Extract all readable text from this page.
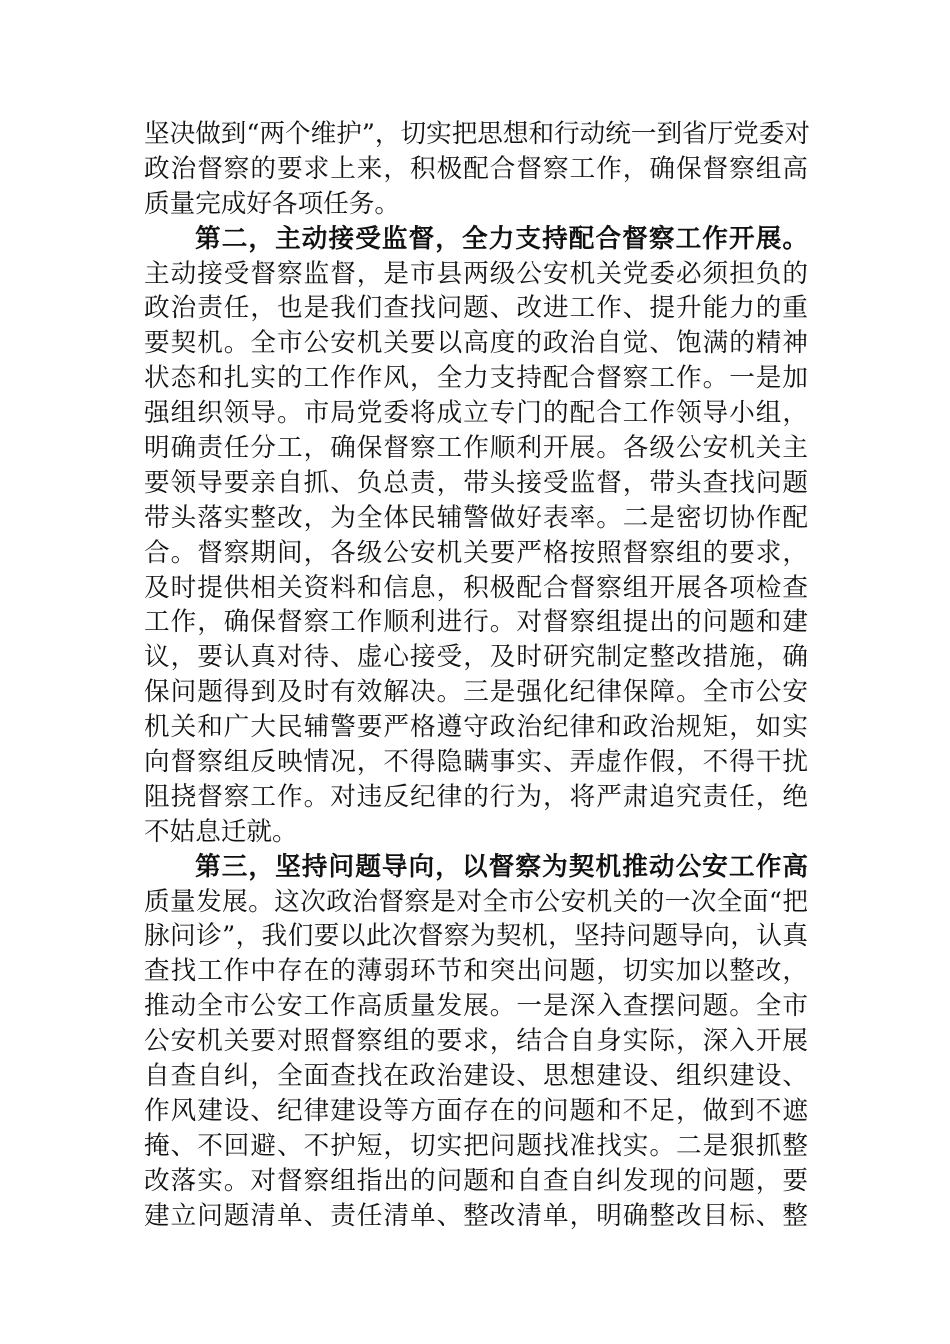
坚决做到“两个维护”，切实把思想和行动统一到省厅党委对
政治督察的要求上来，积极配合督察工作，确保督察组高
质量完成好各项任务。
第二，主动接受监督，全力支持配合督察工作开展。
主动接受督察监督，是市县两级公安机关党委必须担负的
政治责任，也是我们查找问题、改进工作、提升能力的重
要契机。全市公安机关要以高度的政治自觉、饱满的精神
状态和扎实的工作作风，全力支持配合督察工作。一是加
强组织领导。市局党委将成立专门的配合工作领导小组，
明确责任分工，确保督察工作顺利开展。各级公安机关主
要领导要亲自抓、负总责，带头接受监督，带头查找问题
带头落实整改，为全体民辅警做好表率。二是密切协作配
合。督察期间，各级公安机关要严格按照督察组的要求，
及时提供相关资料和信息，积极配合督察组开展各项检查
工作，确保督察工作顺利进行。对督察组提出的问题和建
议，要认真对待、虚心接受，及时研究制定整改措施，确
保问题得到及时有效解决。三是强化纪律保障。全市公安
机关和广大民辅警要严格遵守政治纪律和政治规矩，如实
向督察组反映情况，不得隐瞒事实、弄虚作假，不得干扰
阻挠督察工作。对违反纪律的行为，将严肃追究责任，绝
不姑息迁就。
第三，坚持问题导向，以督察为契机推动公安工作高
质量发展。这次政治督察是对全市公安机关的一次全面“把
脉问诊”，我们要以此次督察为契机，坚持问题导向，认真
查找工作中存在的薄弱环节和突出问题，切实加以整改，
推动全市公安工作高质量发展。一是深入查摆问题。全市
公安机关要对照督察组的要求，结合自身实际，深入开展
自查自纠，全面查找在政治建设、思想建设、组织建设、
作风建设、纪律建设等方面存在的问题和不足，做到不遮
掩、不回避、不护短，切实把问题找准找实。二是狠抓整
改落实。对督察组指出的问题和自查自纠发现的问题，要
建立问题清单、责任清单、整改清单，明确整改目标、整
